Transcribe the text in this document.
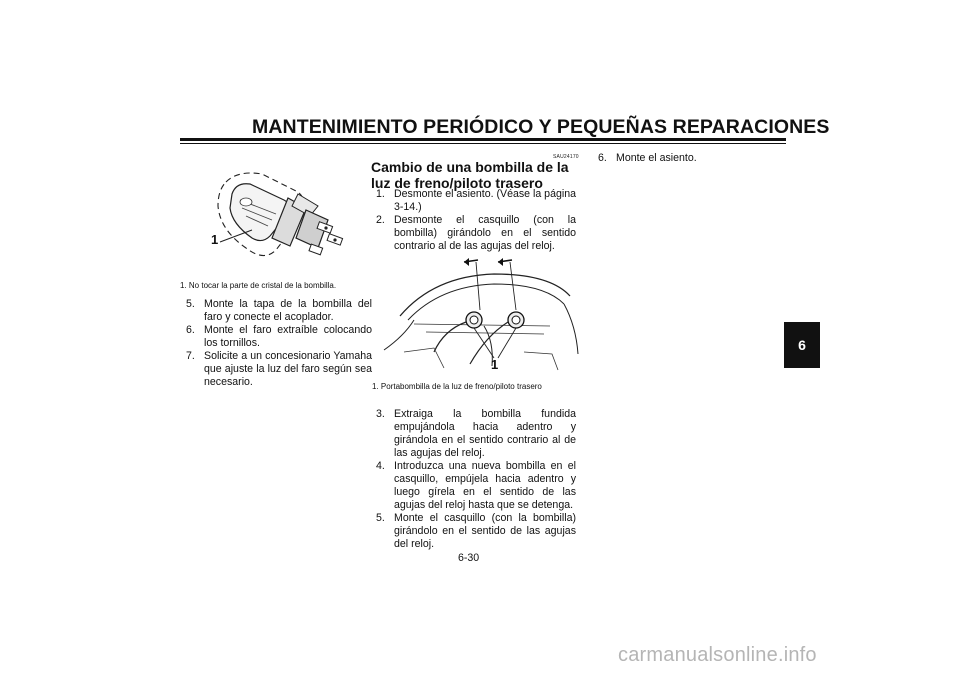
MANTENIMIENTO PERIÓDICO Y PEQUEÑAS REPARACIONES
6
1
1. No tocar la parte de cristal de la bombilla.
5. Monte la tapa de la bombilla del faro y conecte el acoplador.
6. Monte el faro extraíble colocando los tornillos.
7. Solicite a un concesionario Yamaha que ajuste la luz del faro según sea necesario.
SAU24170
Cambio de una bombilla de la luz de freno/piloto trasero
1. Desmonte el asiento. (Véase la página 3-14.)
2. Desmonte el casquillo (con la bombilla) girándolo en el sentido contrario al de las agujas del reloj.
1
1. Portabombilla de la luz de freno/piloto trasero
3. Extraiga la bombilla fundida empujándola hacia adentro y girándola en el sentido contrario al de las agujas del reloj.
4. Introduzca una nueva bombilla en el casquillo, empújela hacia adentro y luego gírela en el sentido de las agujas del reloj hasta que se detenga.
5. Monte el casquillo (con la bombilla) girándolo en el sentido de las agujas del reloj.
6. Monte el asiento.
6-30
carmanualsonline.info
